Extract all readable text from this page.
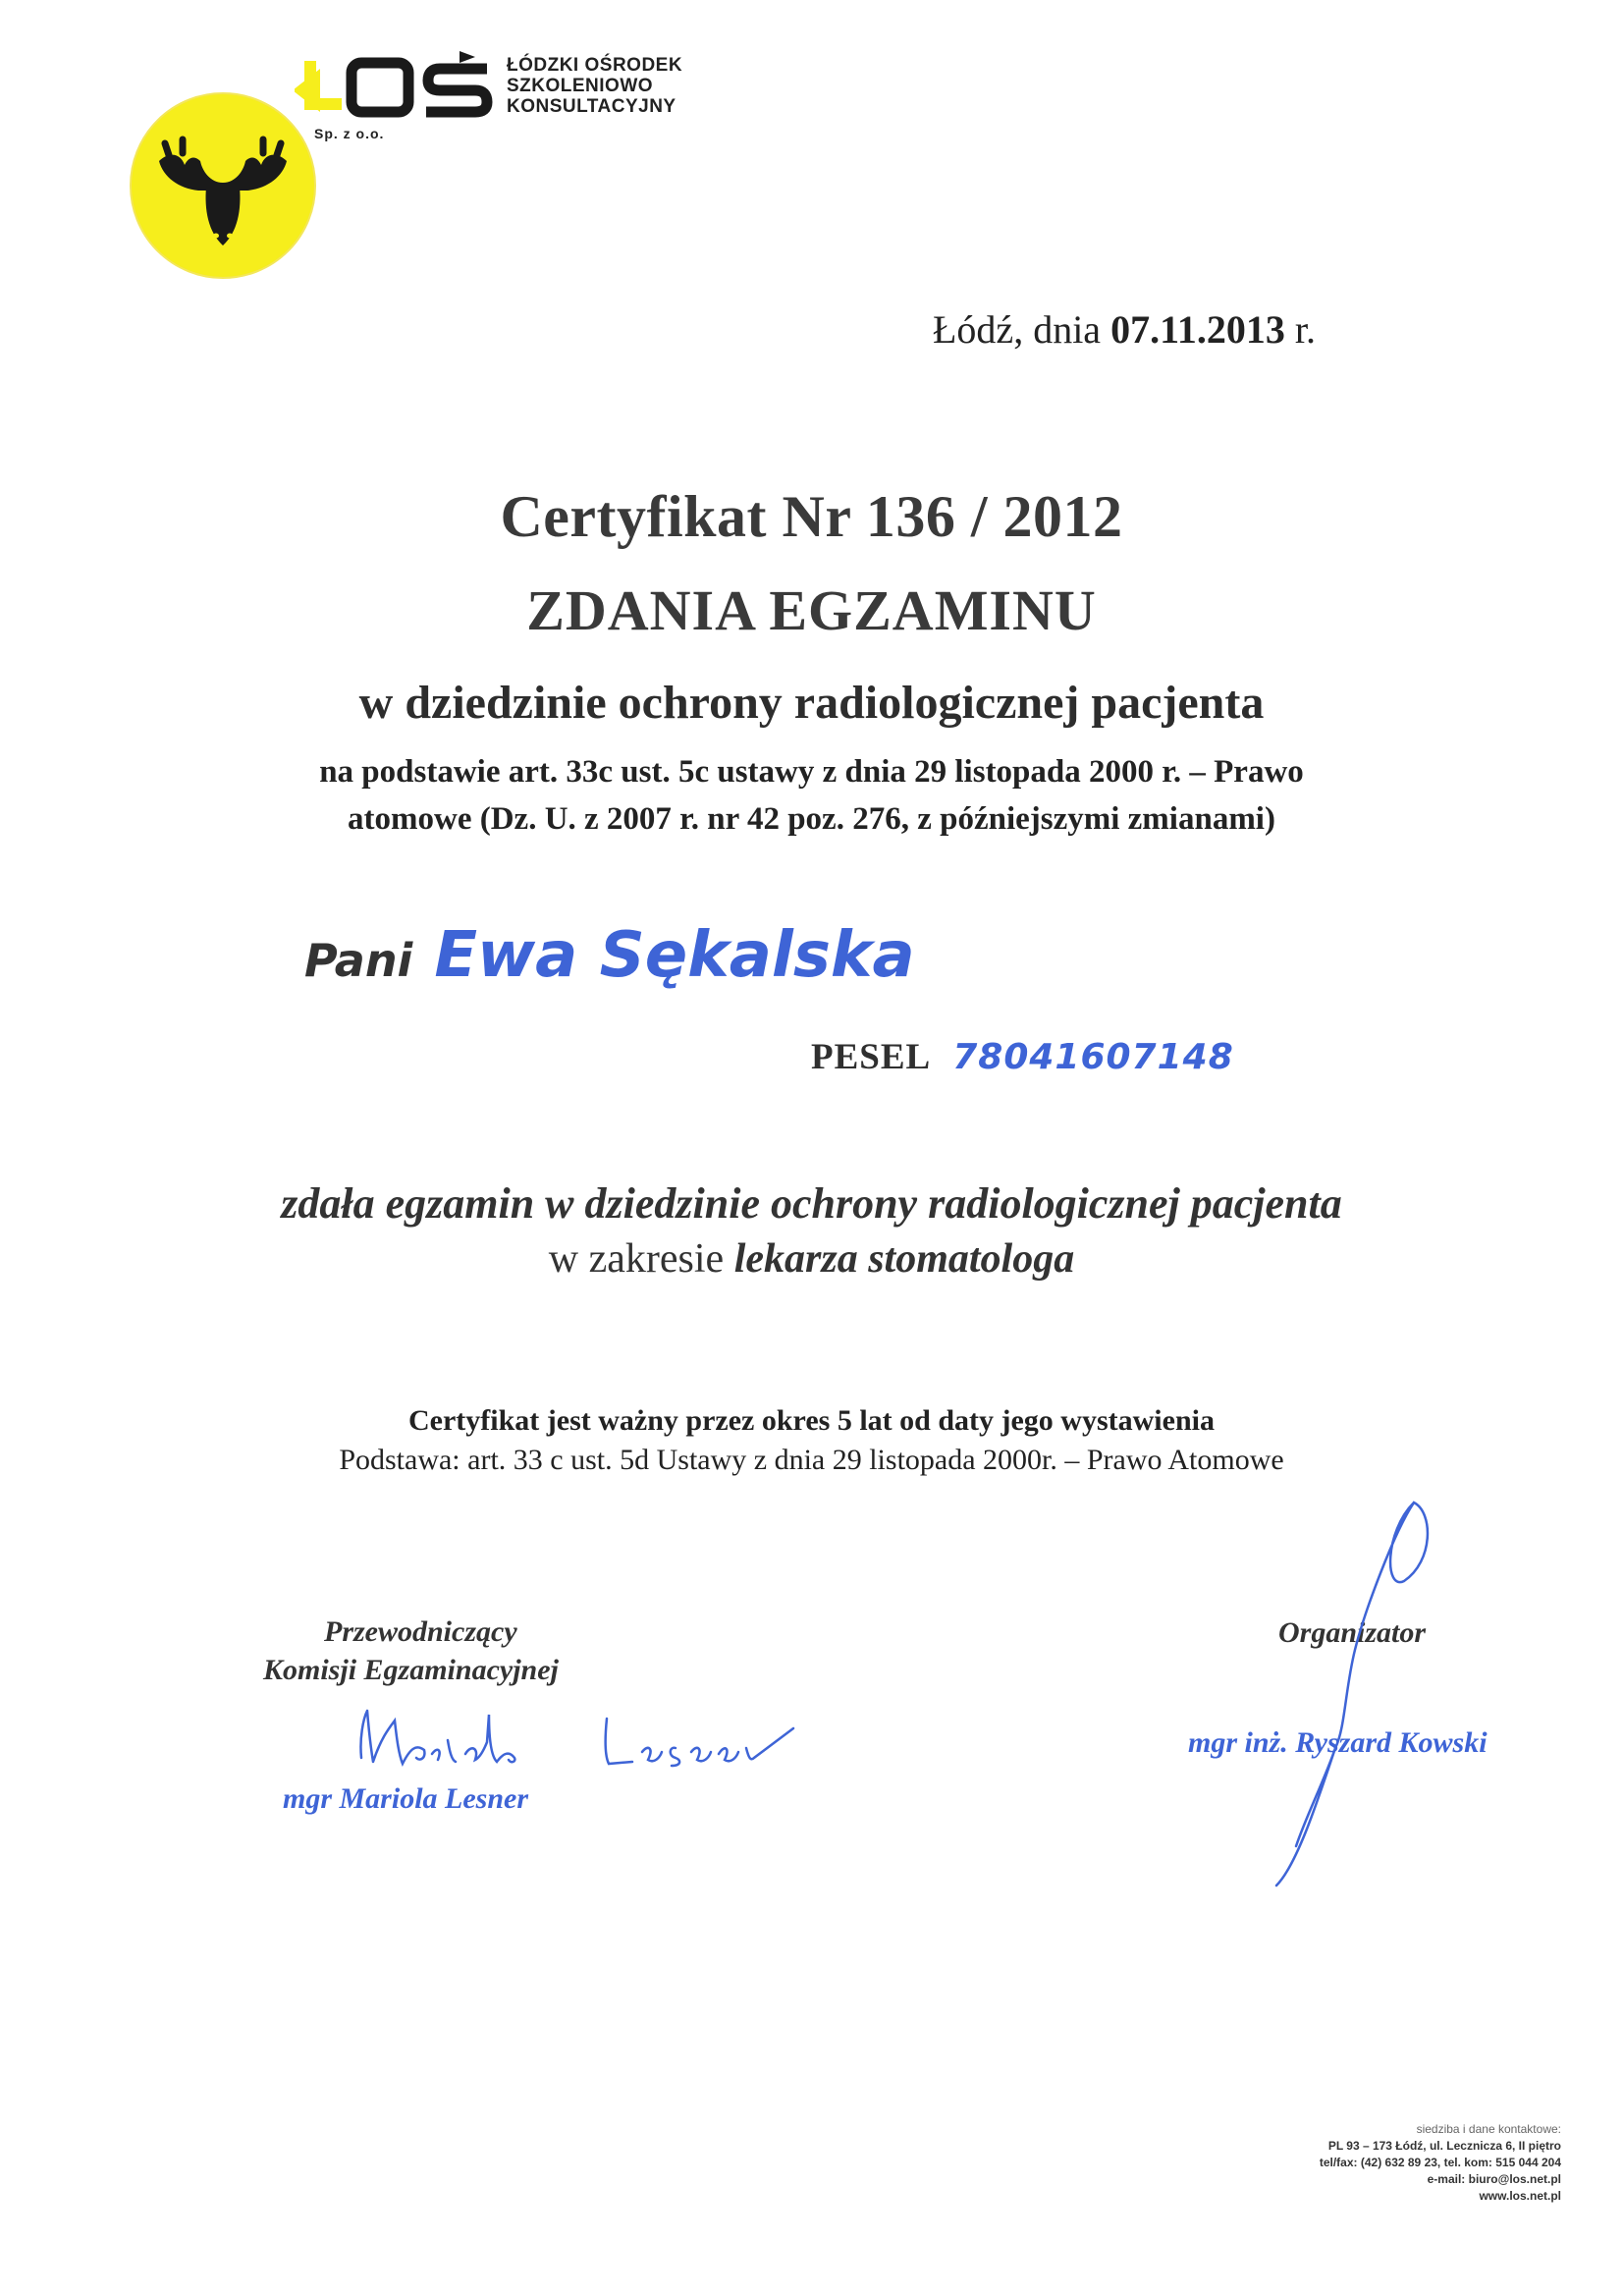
ŁÓDZKI OŚRODEK
SZKOLENIOWO
KONSULTACYJNY
Sp. z o.o.
Łódź, dnia 07.11.2013 r.
Certyfikat Nr 136 / 2012
ZDANIA EGZAMINU
w dziedzinie ochrony radiologicznej pacjenta
na podstawie art. 33c ust. 5c ustawy z dnia 29 listopada 2000 r. – Prawo
atomowe (Dz. U. z 2007 r. nr 42 poz. 276, z późniejszymi zmianami)
Pani Ewa Sękalska
PESEL 78041607148
zdała egzamin w dziedzinie ochrony radiologicznej pacjenta
w zakresie lekarza stomatologa
Certyfikat jest ważny przez okres 5 lat od daty jego wystawienia
Podstawa: art. 33 c ust. 5d Ustawy z dnia 29 listopada 2000r. – Prawo Atomowe
Przewodniczący
Komisji Egzaminacyjnej
mgr Mariola Lesner
Organizator
mgr inż. Ryszard Kowski
siedziba i dane kontaktowe:
PL 93 – 173 Łódź, ul. Lecznicza 6, II piętro
tel/fax: (42) 632 89 23, tel. kom: 515 044 204
e-mail: biuro@los.net.pl
www.los.net.pl
